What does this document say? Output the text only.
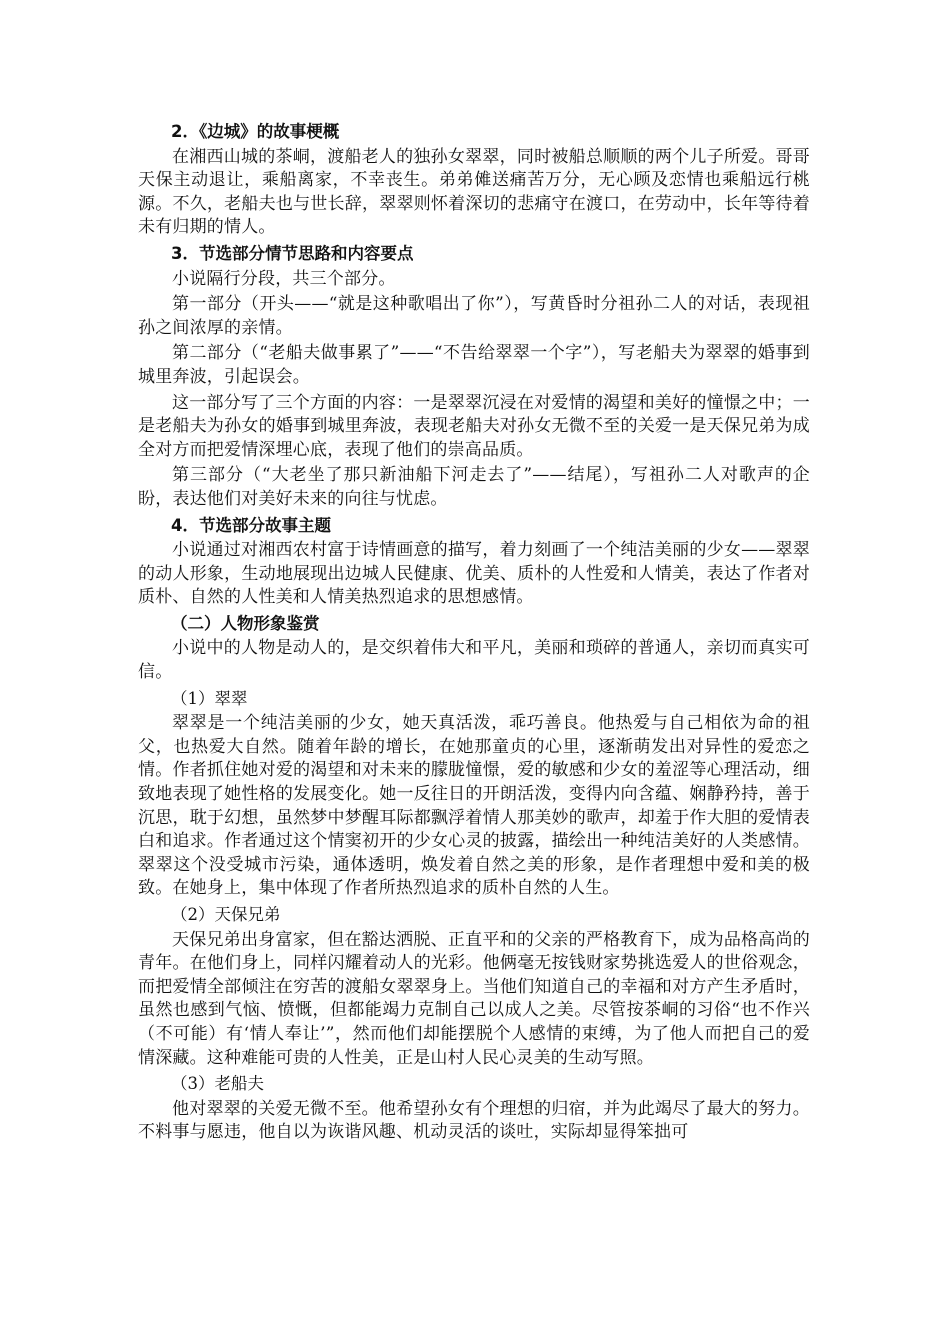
2．《边城》的故事梗概
在湘西山城的茶峒，渡船老人的独孙女翠翠，同时被船总顺顺的两个儿子所爱。哥哥天保主动退让，乘船离家，不幸丧生。弟弟傩送痛苦万分，无心顾及恋情也乘船远行桃源。不久，老船夫也与世长辞，翠翠则怀着深切的悲痛守在渡口，在劳动中，长年等待着未有归期的情人。
3．节选部分情节思路和内容要点
小说隔行分段，共三个部分。
第一部分（开头——“就是这种歌唱出了你”），写黄昏时分祖孙二人的对话，表现祖孙之间浓厚的亲情。
第二部分（“老船夫做事累了”——“不告给翠翠一个字”），写老船夫为翠翠的婚事到城里奔波，引起误会。
这一部分写了三个方面的内容：一是翠翠沉浸在对爱情的渴望和美好的憧憬之中；一是老船夫为孙女的婚事到城里奔波，表现老船夫对孙女无微不至的关爱一是天保兄弟为成全对方而把爱情深埋心底，表现了他们的崇高品质。
第三部分（“大老坐了那只新油船下河走去了”——结尾），写祖孙二人对歌声的企盼，表达他们对美好未来的向往与忧虑。
4．节选部分故事主题
小说通过对湘西农村富于诗情画意的描写，着力刻画了一个纯洁美丽的少女——翠翠的动人形象，生动地展现出边城人民健康、优美、质朴的人性爱和人情美，表达了作者对质朴、自然的人性美和人情美热烈追求的思想感情。
（二）人物形象鉴赏
小说中的人物是动人的，是交织着伟大和平凡，美丽和琐碎的普通人，亲切而真实可信。
（1）翠翠
翠翠是一个纯洁美丽的少女，她天真活泼，乖巧善良。他热爱与自己相依为命的祖父，也热爱大自然。随着年龄的增长，在她那童贞的心里，逐渐萌发出对异性的爱恋之情。作者抓住她对爱的渴望和对未来的朦胧憧憬，爱的敏感和少女的羞涩等心理活动，细致地表现了她性格的发展变化。她一反往日的开朗活泼，变得内向含蕴、娴静矜持，善于沉思，耽于幻想，虽然梦中梦醒耳际都飘浮着情人那美妙的歌声，却羞于作大胆的爱情表白和追求。作者通过这个情窦初开的少女心灵的披露，描绘出一种纯洁美好的人类感情。翠翠这个没受城市污染，通体透明，焕发着自然之美的形象，是作者理想中爱和美的极致。在她身上，集中体现了作者所热烈追求的质朴自然的人生。
（2）天保兄弟
天保兄弟出身富家，但在豁达洒脱、正直平和的父亲的严格教育下，成为品格高尚的青年。在他们身上，同样闪耀着动人的光彩。他俩毫无按钱财家势挑选爱人的世俗观念，而把爱情全部倾注在穷苦的渡船女翠翠身上。当他们知道自己的幸福和对方产生矛盾时，虽然也感到气恼、愤慨，但都能竭力克制自己以成人之美。尽管按茶峒的习俗“也不作兴（不可能）有‘情人奉让’”，然而他们却能摆脱个人感情的束缚，为了他人而把自己的爱情深藏。这种难能可贵的人性美，正是山村人民心灵美的生动写照。
（3）老船夫
他对翠翠的关爱无微不至。他希望孙女有个理想的归宿，并为此竭尽了最大的努力。不料事与愿违，他自以为诙谐风趣、机动灵活的谈吐，实际却显得笨拙可
